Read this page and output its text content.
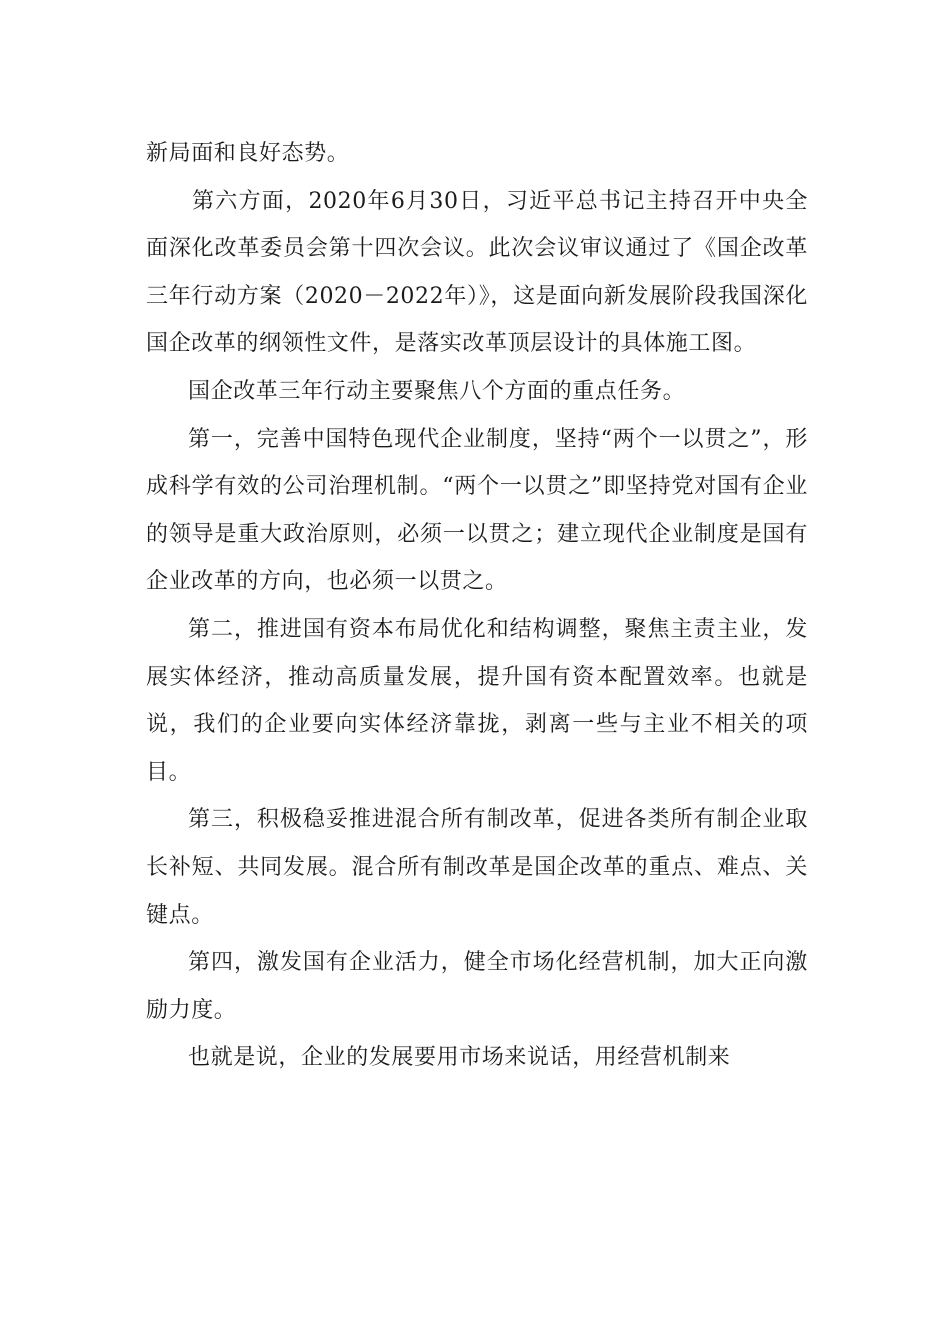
新局面和良好态势。

第六方面，2020年6月30日，习近平总书记主持召开中央全面深化改革委员会第十四次会议。此次会议审议通过了《国企改革三年行动方案（2020－2022年）》，这是面向新发展阶段我国深化国企改革的纲领性文件，是落实改革顶层设计的具体施工图。

国企改革三年行动主要聚焦八个方面的重点任务。

第一，完善中国特色现代企业制度，坚持“两个一以贯之”，形成科学有效的公司治理机制。“两个一以贯之”即坚持党对国有企业的领导是重大政治原则，必须一以贯之；建立现代企业制度是国有企业改革的方向，也必须一以贯之。

第二，推进国有资本布局优化和结构调整，聚焦主责主业，发展实体经济，推动高质量发展，提升国有资本配置效率。也就是说，我们的企业要向实体经济靠拢，剥离一些与主业不相关的项目。

第三，积极稳妥推进混合所有制改革，促进各类所有制企业取长补短、共同发展。混合所有制改革是国企改革的重点、难点、关键点。

第四，激发国有企业活力，健全市场化经营机制，加大正向激励力度。

也就是说，企业的发展要用市场来说话，用经营机制来
